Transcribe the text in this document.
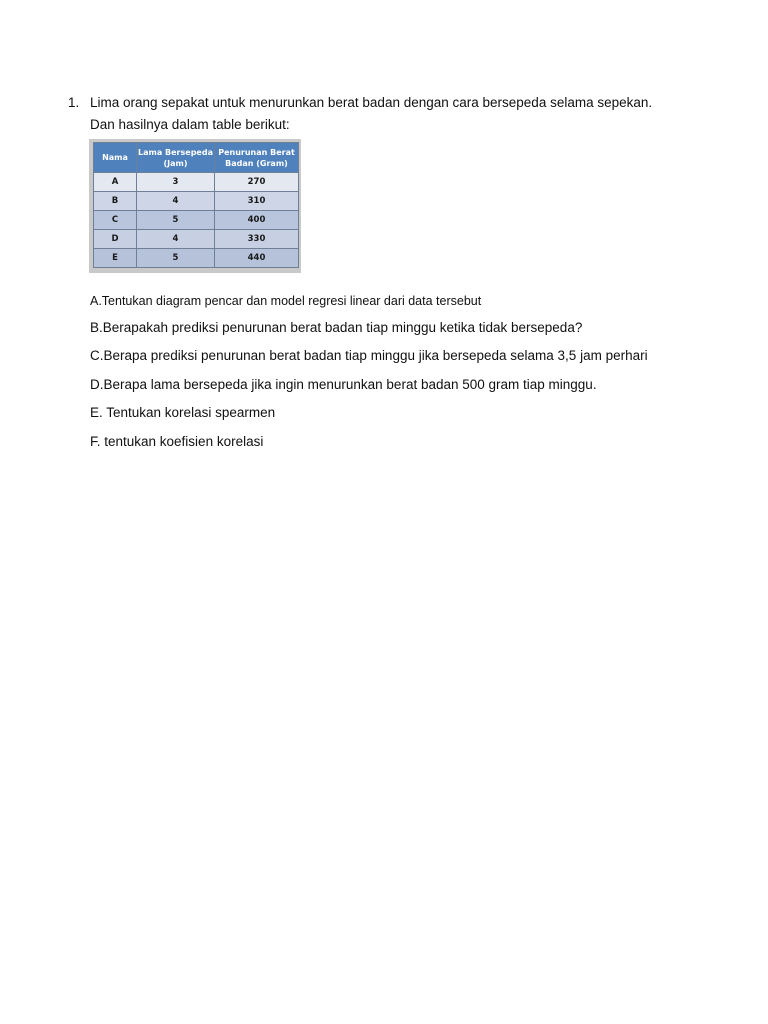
1. Lima orang sepakat untuk menurunkan berat badan dengan cara bersepeda selama sepekan.
Dan hasilnya dalam table berikut:
Nama	Lama Bersepeda (Jam)	Penurunan Berat Badan (Gram)
A	3	270
B	4	310
C	5	400
D	4	330
E	5	440
A.Tentukan diagram pencar dan model regresi linear dari data tersebut
B.Berapakah prediksi penurunan berat badan tiap minggu ketika tidak bersepeda?
C.Berapa prediksi penurunan berat badan tiap minggu jika bersepeda selama 3,5 jam perhari
D.Berapa lama bersepeda jika ingin menurunkan berat badan 500 gram tiap minggu.
E. Tentukan korelasi spearmen
F. tentukan koefisien korelasi
